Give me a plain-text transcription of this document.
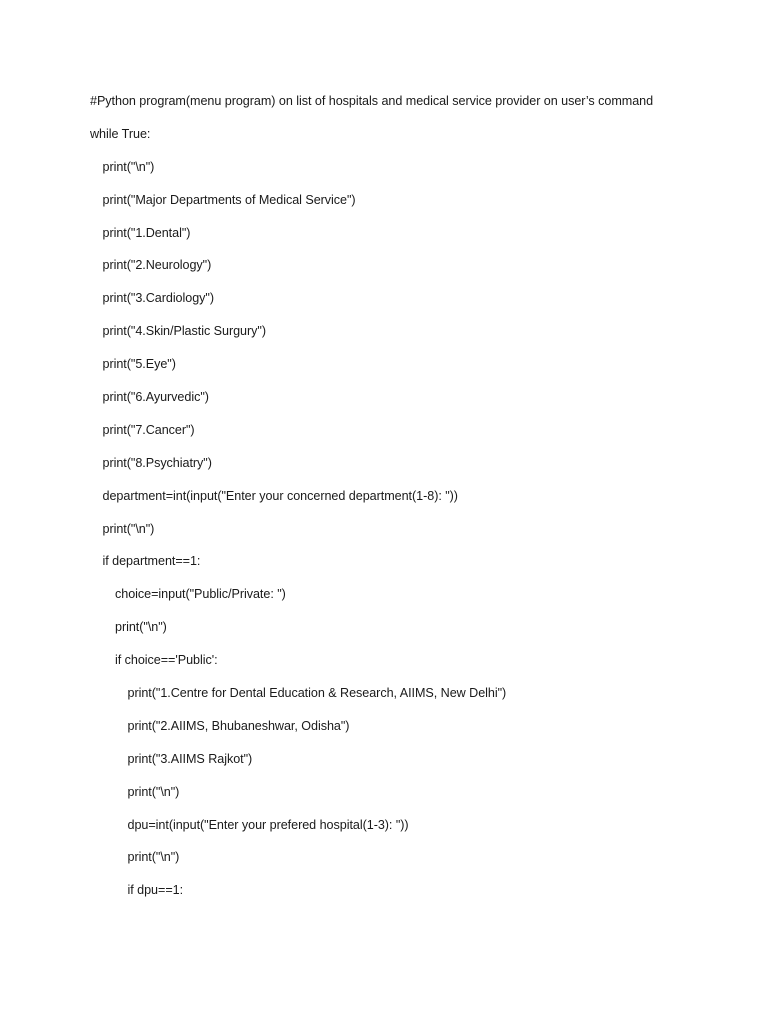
#Python program(menu program) on list of hospitals and medical service provider on user’s command
while True:
print("\n")
print("Major Departments of Medical Service")
print("1.Dental")
print("2.Neurology")
print("3.Cardiology")
print("4.Skin/Plastic Surgury")
print("5.Eye")
print("6.Ayurvedic")
print("7.Cancer")
print("8.Psychiatry")
department=int(input("Enter your concerned department(1-8): "))
print("\n")
if department==1:
choice=input("Public/Private: ")
print("\n")
if choice=='Public':
print("1.Centre for Dental Education & Research, AIIMS, New Delhi")
print("2.AIIMS, Bhubaneshwar, Odisha")
print("3.AIIMS Rajkot")
print("\n")
dpu=int(input("Enter your prefered hospital(1-3): "))
print("\n")
if dpu==1:
